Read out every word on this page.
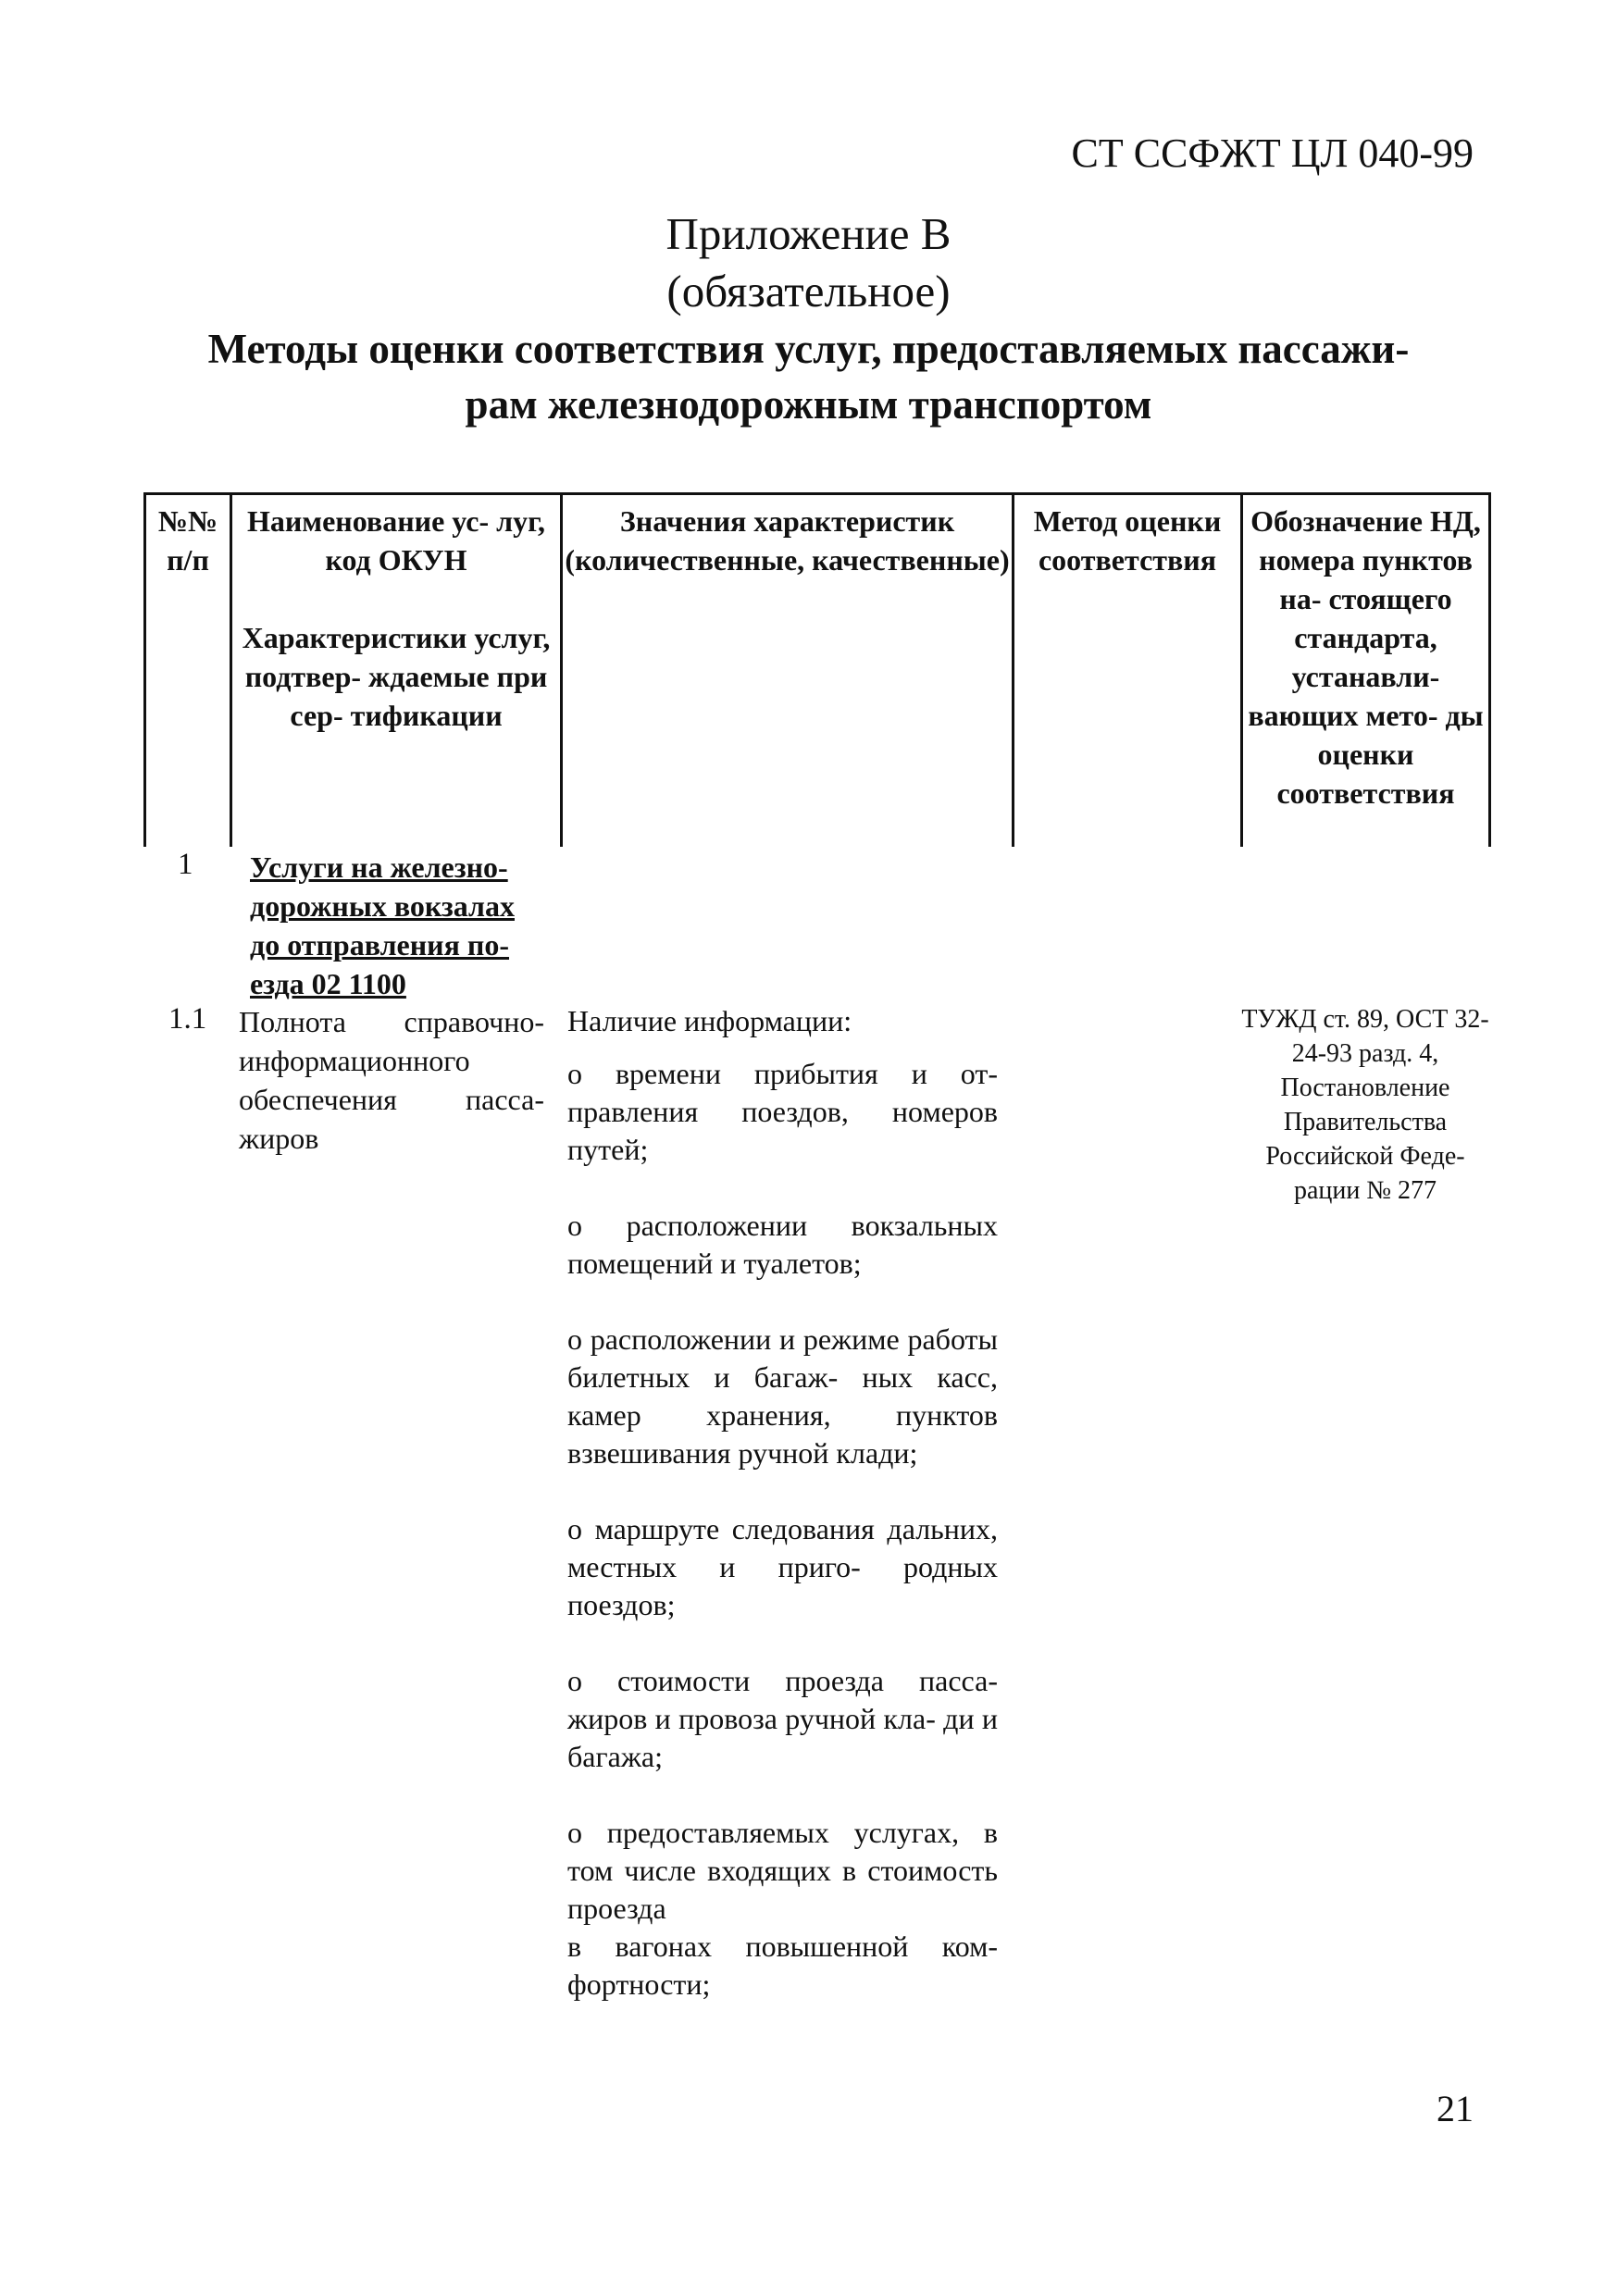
СТ ССФЖТ ЦЛ 040-99
Приложение В
(обязательное)
Методы оценки соответствия услуг, предоставляемых пассажи-
рам железнодорожным транспортом
№№ п/п
Наименование ус- луг, код ОКУН

Характеристики услуг, подтвер- ждаемые при сер- тификации
Значения характеристик (количественные, качественные)
Метод оценки соответствия
Обозначение НД, номера пунктов на- стоящего стандарта, устанавли- вающих мето- ды оценки соответствия
1 Услуги на железно- дорожных вокзалах до отправления по- езда 02 1100
1.1 Полнота справочно- информационного обеспечения пасса- жиров
Наличие информации:
о времени прибытия и от- правления поездов, номеров путей;
о расположении вокзальных помещений и туалетов;
о расположении и режиме работы билетных и багаж- ных касс, камер хранения, пунктов взвешивания ручной клади;
о маршруте следования дальних, местных и приго- родных поездов;
о стоимости проезда пасса- жиров и провоза ручной кла- ди и багажа;
о предоставляемых услугах, в том числе входящих в стоимость проезда
в вагонах повышенной ком- фортности;
ТУЖД ст. 89, ОСТ 32-24-93 разд. 4, Постановление Правительства Российской Феде- рации № 277
21
